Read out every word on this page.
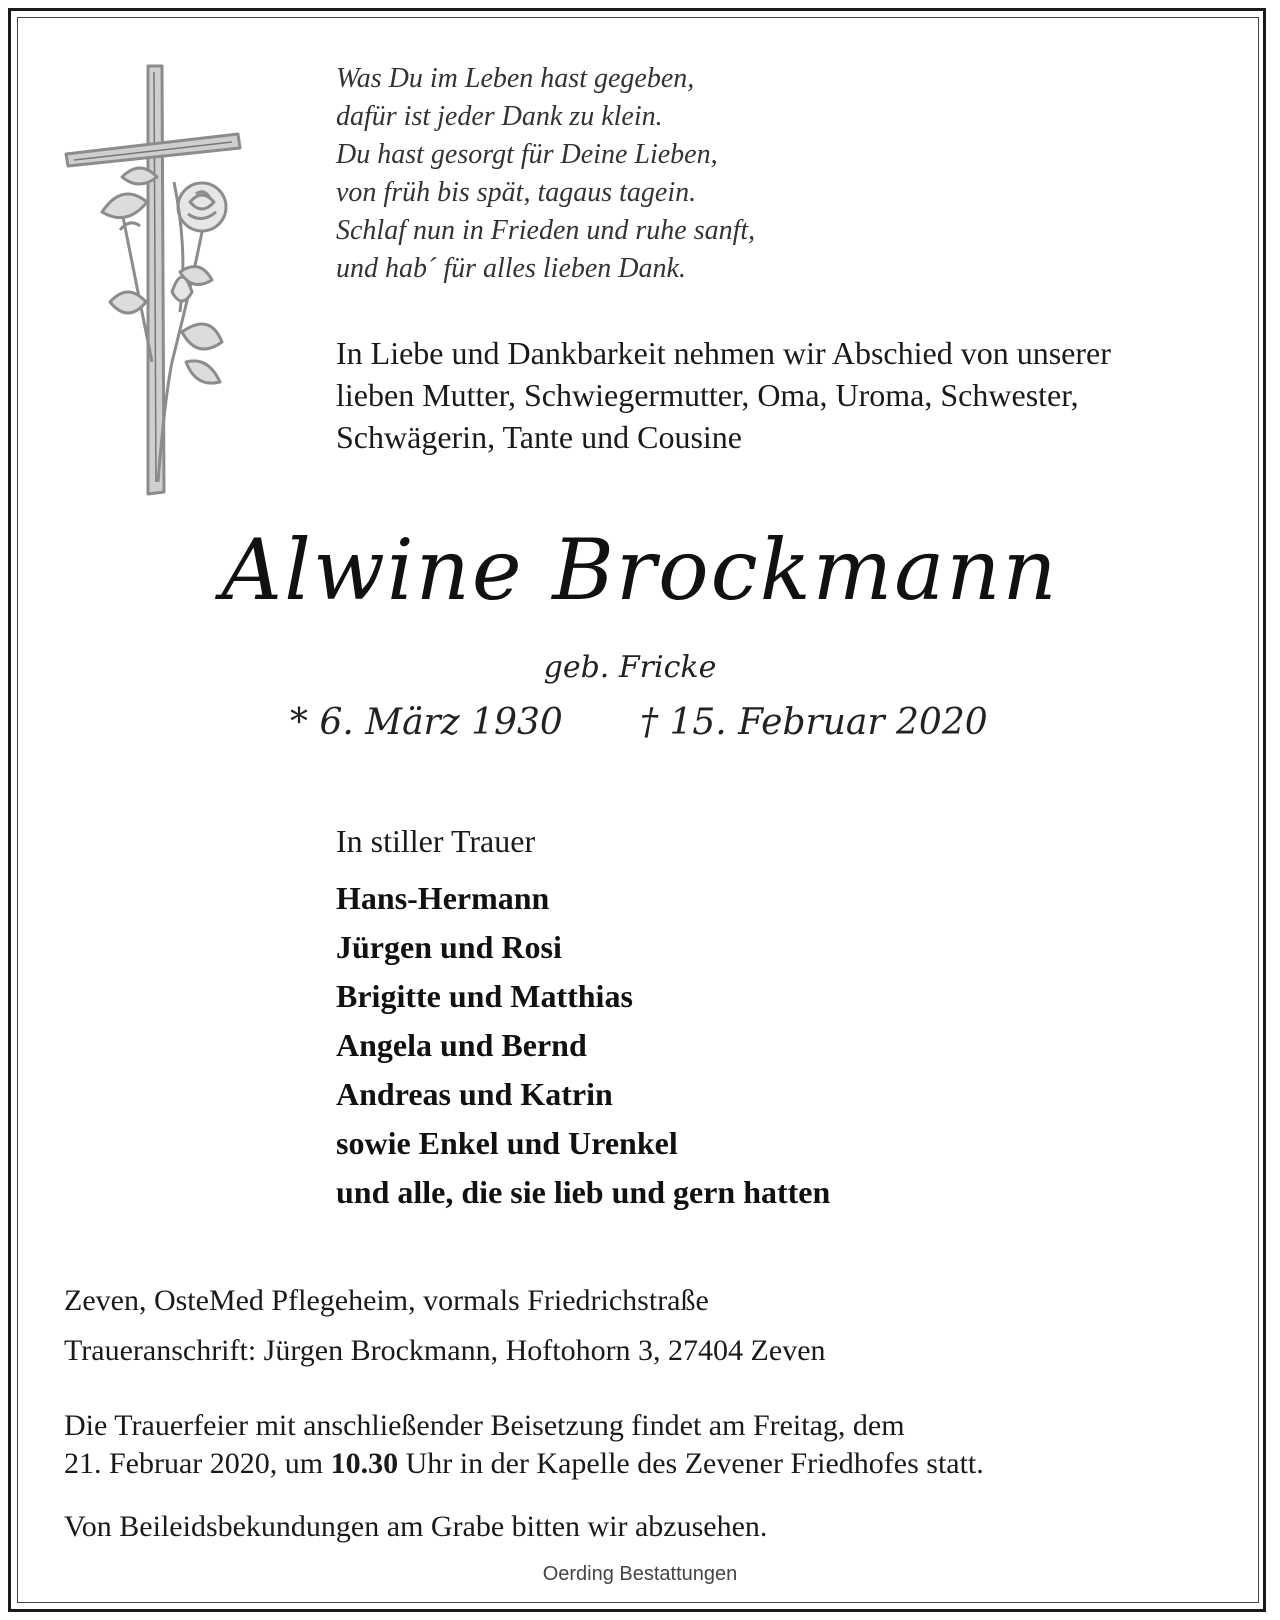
Was Du im Leben hast gegeben,
dafür ist jeder Dank zu klein.
Du hast gesorgt für Deine Lieben,
von früh bis spät, tagaus tagein.
Schlaf nun in Frieden und ruhe sanft,
und hab´ für alles lieben Dank.
In Liebe und Dankbarkeit nehmen wir Abschied von unserer
lieben Mutter, Schwiegermutter, Oma, Uroma, Schwester,
Schwägerin, Tante und Cousine
Alwine Brockmann
geb. Fricke
* 6. März 1930 † 15. Februar 2020
In stiller Trauer
Hans-Hermann
Jürgen und Rosi
Brigitte und Matthias
Angela und Bernd
Andreas und Katrin
sowie Enkel und Urenkel
und alle, die sie lieb und gern hatten
Zeven, OsteMed Pflegeheim, vormals Friedrichstraße
Traueranschrift: Jürgen Brockmann, Hoftohorn 3, 27404 Zeven
Die Trauerfeier mit anschließender Beisetzung findet am Freitag, dem
21. Februar 2020, um 10.30 Uhr in der Kapelle des Zevener Friedhofes statt.
Von Beileidsbekundungen am Grabe bitten wir abzusehen.
Oerding Bestattungen
